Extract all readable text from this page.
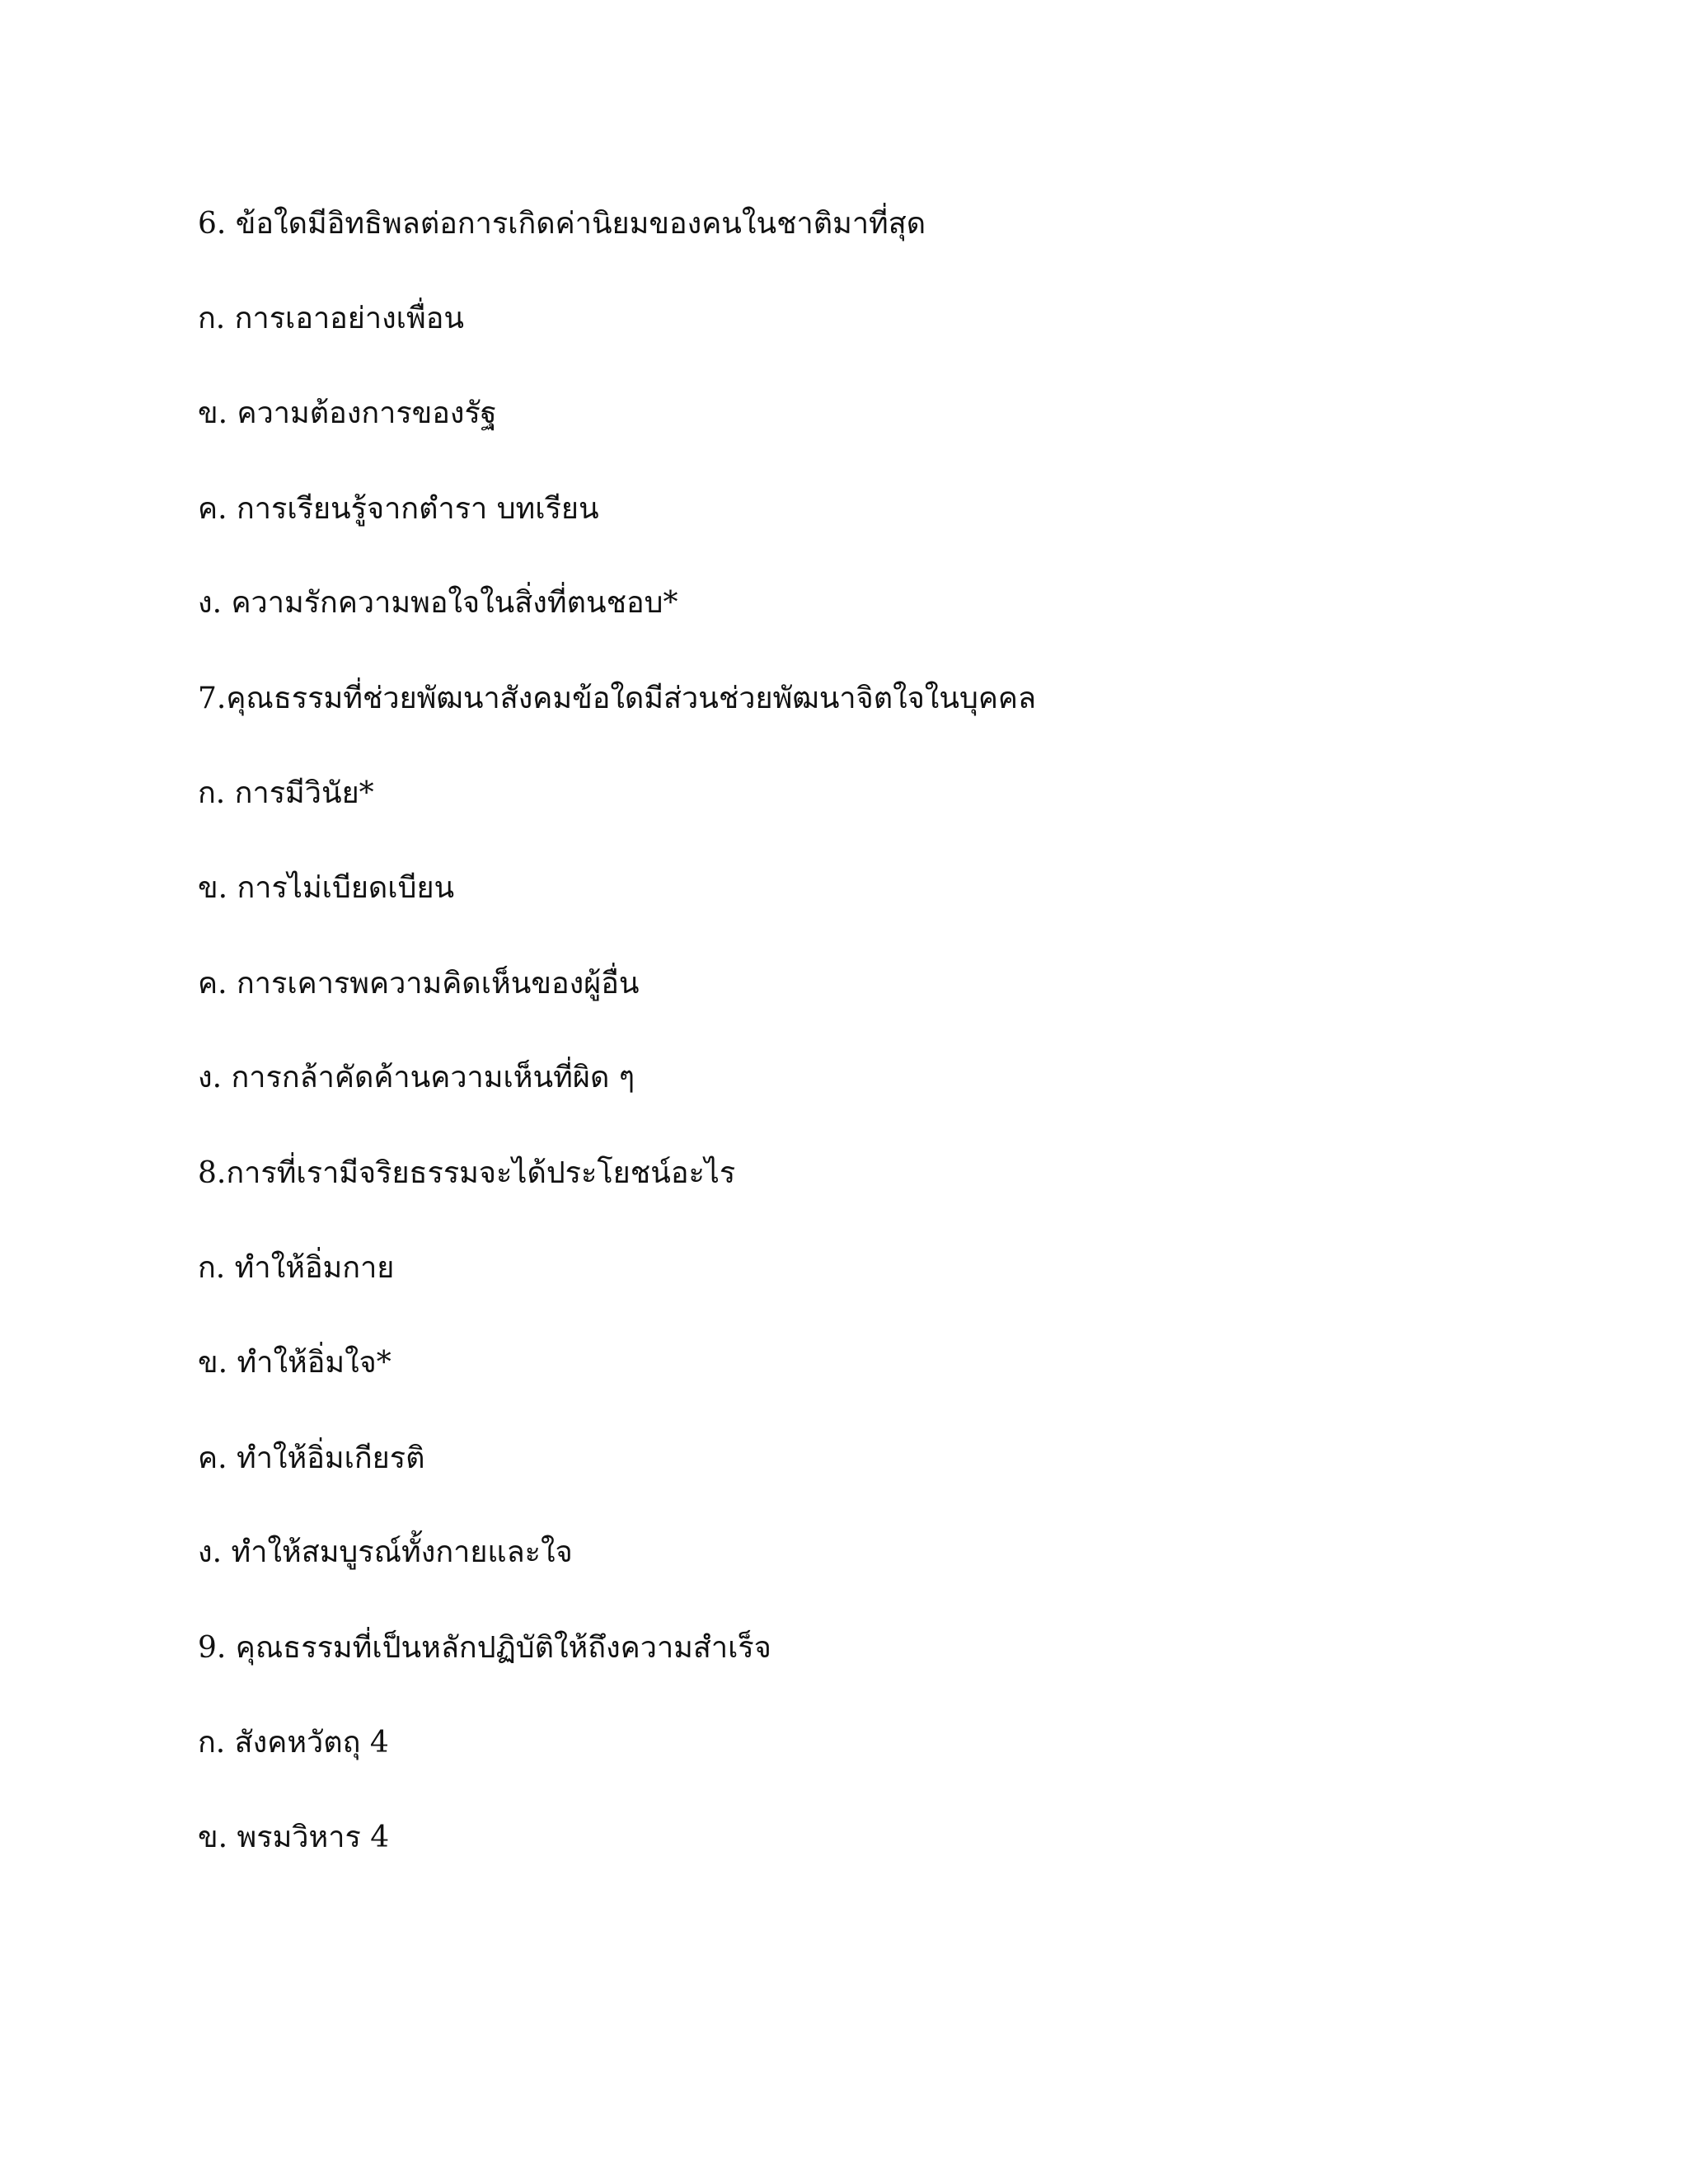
6. ข้อใดมีอิทธิพลต่อการเกิดค่านิยมของคนในชาติมาที่สุด
ก. การเอาอย่างเพื่อน
ข. ความต้องการของรัฐ
ค. การเรียนรู้จากตำรา บทเรียน
ง. ความรักความพอใจในสิ่งที่ตนชอบ*
7.คุณธรรมที่ช่วยพัฒนาสังคมข้อใดมีส่วนช่วยพัฒนาจิตใจในบุคคล
ก. การมีวินัย*
ข. การไม่เบียดเบียน
ค. การเคารพความคิดเห็นของผู้อื่น
ง. การกล้าคัดค้านความเห็นที่ผิด ๆ
8.การที่เรามีจริยธรรมจะได้ประโยชน์อะไร
ก. ทำให้อิ่มกาย
ข. ทำให้อิ่มใจ*
ค. ทำให้อิ่มเกียรติ
ง. ทำให้สมบูรณ์ทั้งกายและใจ
9. คุณธรรมที่เป็นหลักปฏิบัติให้ถึงความสำเร็จ
ก. สังคหวัตถุ 4
ข. พรมวิหาร 4
